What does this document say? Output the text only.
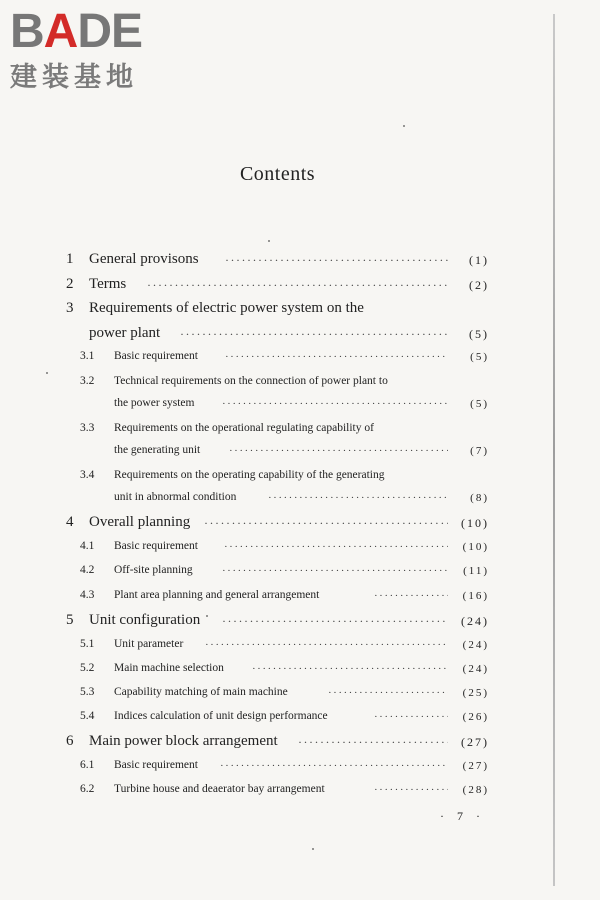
BADE
建装基地
Contents
1 General provisons ·····	(1)
2 Terms ·····	(2)
3 Requirements of electric power system on the
power plant ·····	(5)
3.1 Basic requirement ·····	(5)
3.2 Technical requirements on the connection of power plant to
the power system ·····	(5)
3.3 Requirements on the operational regulating capability of
the generating unit ·····	(7)
3.4 Requirements on the operating capability of the generating
unit in abnormal condition ·····	(8)
4 Overall planning ·····	(10)
4.1 Basic requirement ·····	(10)
4.2 Off-site planning ·····	(11)
4.3 Plant area planning and general arrangement ·····	(16)
5 Unit configuration ·····	(24)
5.1 Unit parameter ·····	(24)
5.2 Main machine selection ·····	(24)
5.3 Capability matching of main machine ·····	(25)
5.4 Indices calculation of unit design performance ·····	(26)
6 Main power block arrangement ·····	(27)
6.1 Basic requirement ·····	(27)
6.2 Turbine house and deaerator bay arrangement ·····	(28)
· 7 ·
